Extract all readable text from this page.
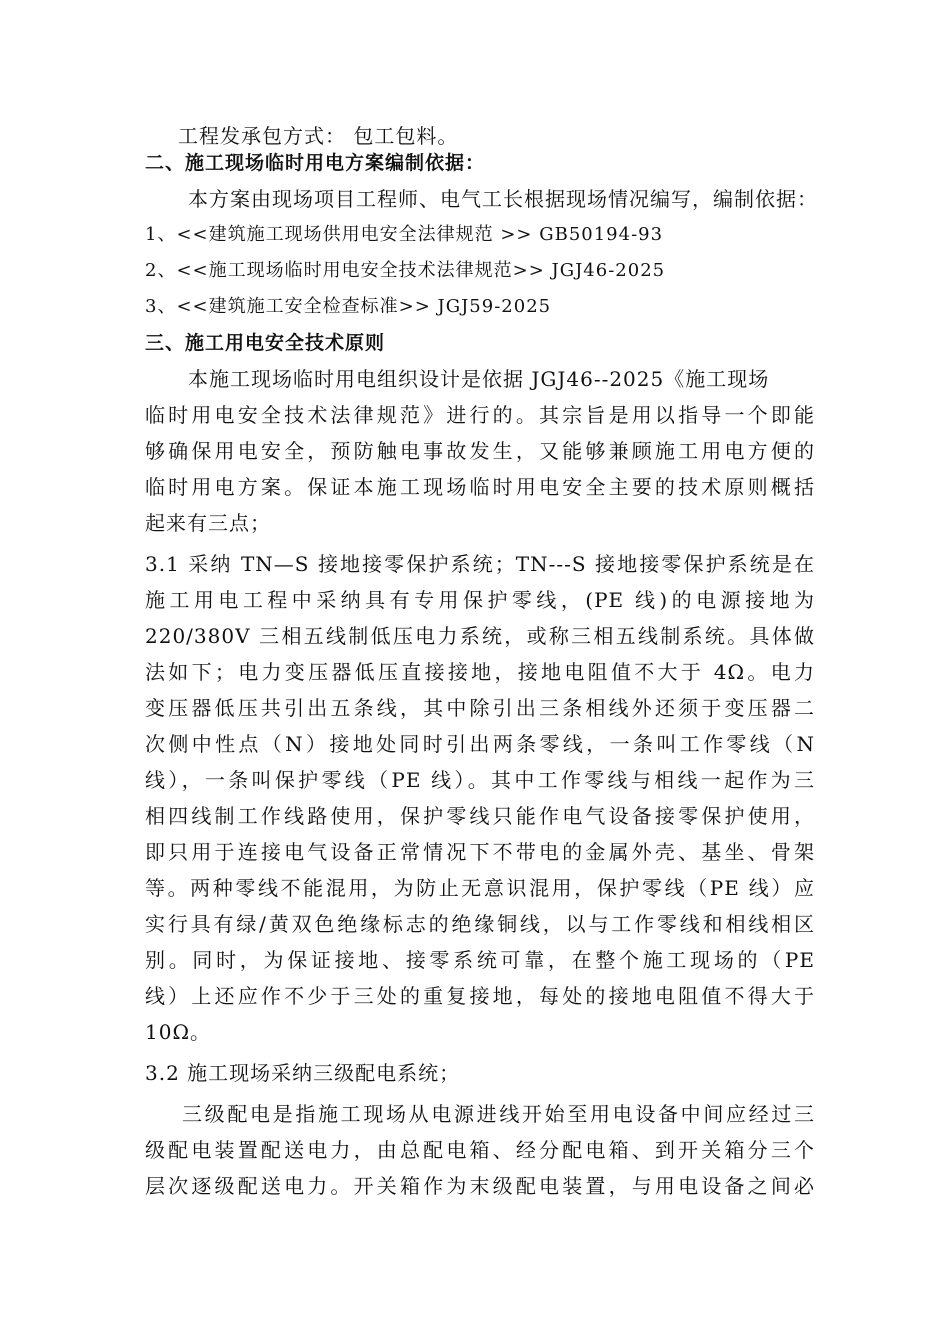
工程发承包方式： 包工包料。
二、施工现场临时用电方案编制依据：
本方案由现场项目工程师、电气工长根据现场情况编写，编制依据：
1、<<建筑施工现场供用电安全法律规范 >> GB50194-93
2、<<施工现场临时用电安全技术法律规范>> JGJ46-2025
3、<<建筑施工安全检查标准>> JGJ59-2025
三、施工用电安全技术原则
本施工现场临时用电组织设计是依据 JGJ46--2025《施工现场
临时用电安全技术法律规范》进行的。其宗旨是用以指导一个即能
够确保用电安全，预防触电事故发生，又能够兼顾施工用电方便的
临时用电方案。保证本施工现场临时用电安全主要的技术原则概括
起来有三点；
3.1 采纳 TN—S 接地接零保护系统；TN---S 接地接零保护系统是在
施工用电工程中采纳具有专用保护零线，(PE 线)的电源接地为
220/380V 三相五线制低压电力系统，或称三相五线制系统。具体做
法如下；电力变压器低压直接接地，接地电阻值不大于 4Ω。电力
变压器低压共引出五条线，其中除引出三条相线外还须于变压器二
次侧中性点（N）接地处同时引出两条零线，一条叫工作零线（N
线），一条叫保护零线（PE 线）。其中工作零线与相线一起作为三
相四线制工作线路使用，保护零线只能作电气设备接零保护使用，
即只用于连接电气设备正常情况下不带电的金属外壳、基坐、骨架
等。两种零线不能混用，为防止无意识混用，保护零线（PE 线）应
实行具有绿/黄双色绝缘标志的绝缘铜线，以与工作零线和相线相区
别。同时，为保证接地、接零系统可靠，在整个施工现场的（PE
线）上还应作不少于三处的重复接地，每处的接地电阻值不得大于
10Ω。
3.2 施工现场采纳三级配电系统；
三级配电是指施工现场从电源进线开始至用电设备中间应经过三
级配电装置配送电力，由总配电箱、经分配电箱、到开关箱分三个
层次逐级配送电力。开关箱作为末级配电装置，与用电设备之间必
